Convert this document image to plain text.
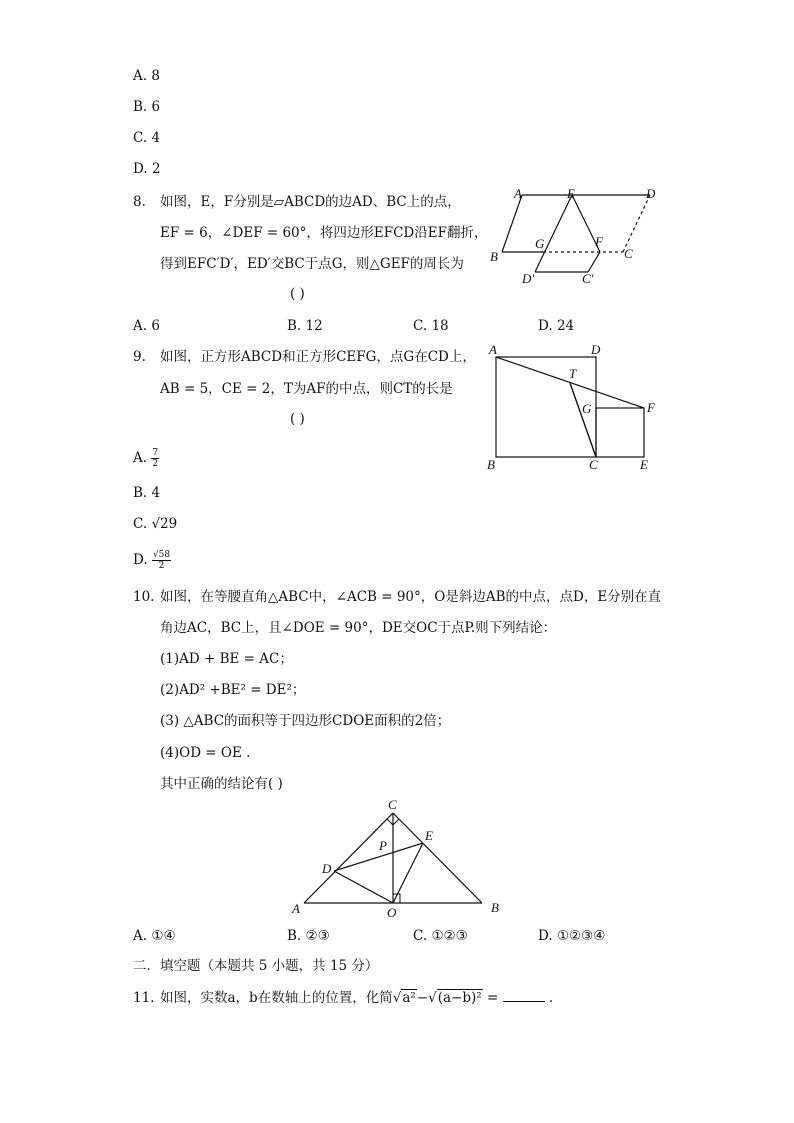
A. 8
B. 6
C. 4
D. 2
8. 如图，E，F分别是▱ABCD的边AD、BC上的点，
EF = 6，∠DEF = 60°，将四边形EFCD沿EF翻折，
得到EFC′D′，ED′交BC于点G，则△GEF的周长为
( )
A	E	D
B
G	F
C
D′	C′
A. 6	B. 12	C. 18	D. 24
9. 如图，正方形ABCD和正方形CEFG，点G在CD上，
AB = 5，CE = 2，T为AF的中点，则CT的长是
( )
A	D
T
G	F
B	C	E
A. $\frac{7}{2}$
B. 4
C. √29
D. $\frac{√58}{2}$
10. 如图，在等腰直角△ABC中，∠ACB = 90°，O是斜边AB的中点，点D，E分别在直
角边AC，BC上，且∠DOE = 90°，DE交OC于点P.则下列结论：
(1)AD + BE = AC；
(2)AD² +BE² = DE²；
(3) △ABC的面积等于四边形CDOE面积的2倍；
(4)OD = OE .
其中正确的结论有( )
C
E
P
D
A	O	B
A. ①④	B. ②③	C. ①②③	D. ①②③④
二．填空题（本题共 5 小题，共 15 分）
11. 如图，实数a，b在数轴上的位置，化简√a²−√(a−b)² =	.
